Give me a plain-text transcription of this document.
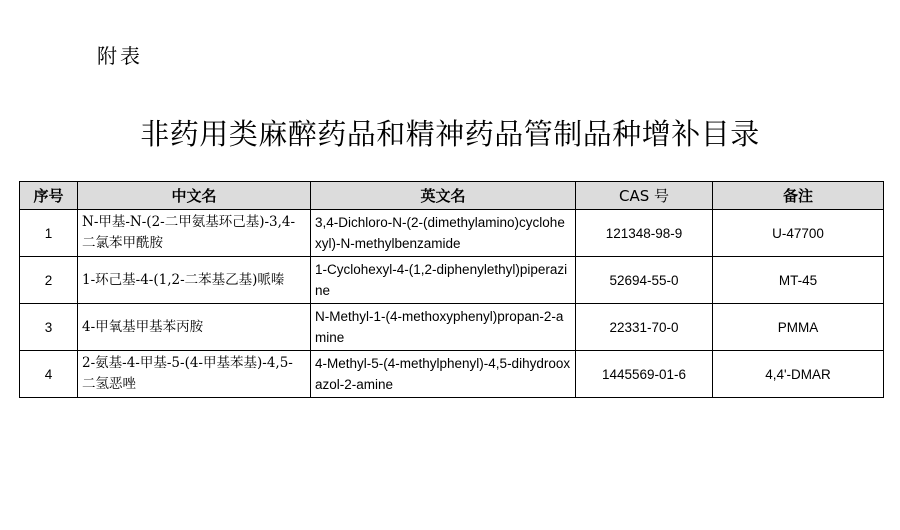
附表
非药用类麻醉药品和精神药品管制品种增补目录
序号	中文名	英文名	CAS 号	备注
1	N-甲基-N-(2-二甲氨基环己基)-3,4-二氯苯甲酰胺	3,4-Dichloro-N-(2-(dimethylamino)cyclohexyl)-N-methylbenzamide	121348-98-9	U-47700
2	1-环己基-4-(1,2-二苯基乙基)哌嗪	1-Cyclohexyl-4-(1,2-diphenylethyl)piperazine	52694-55-0	MT-45
3	4-甲氧基甲基苯丙胺	N-Methyl-1-(4-methoxyphenyl)propan-2-amine	22331-70-0	PMMA
4	2-氨基-4-甲基-5-(4-甲基苯基)-4,5-二氢恶唑	4-Methyl-5-(4-methylphenyl)-4,5-dihydrooxazol-2-amine	1445569-01-6	4,4'-DMAR
